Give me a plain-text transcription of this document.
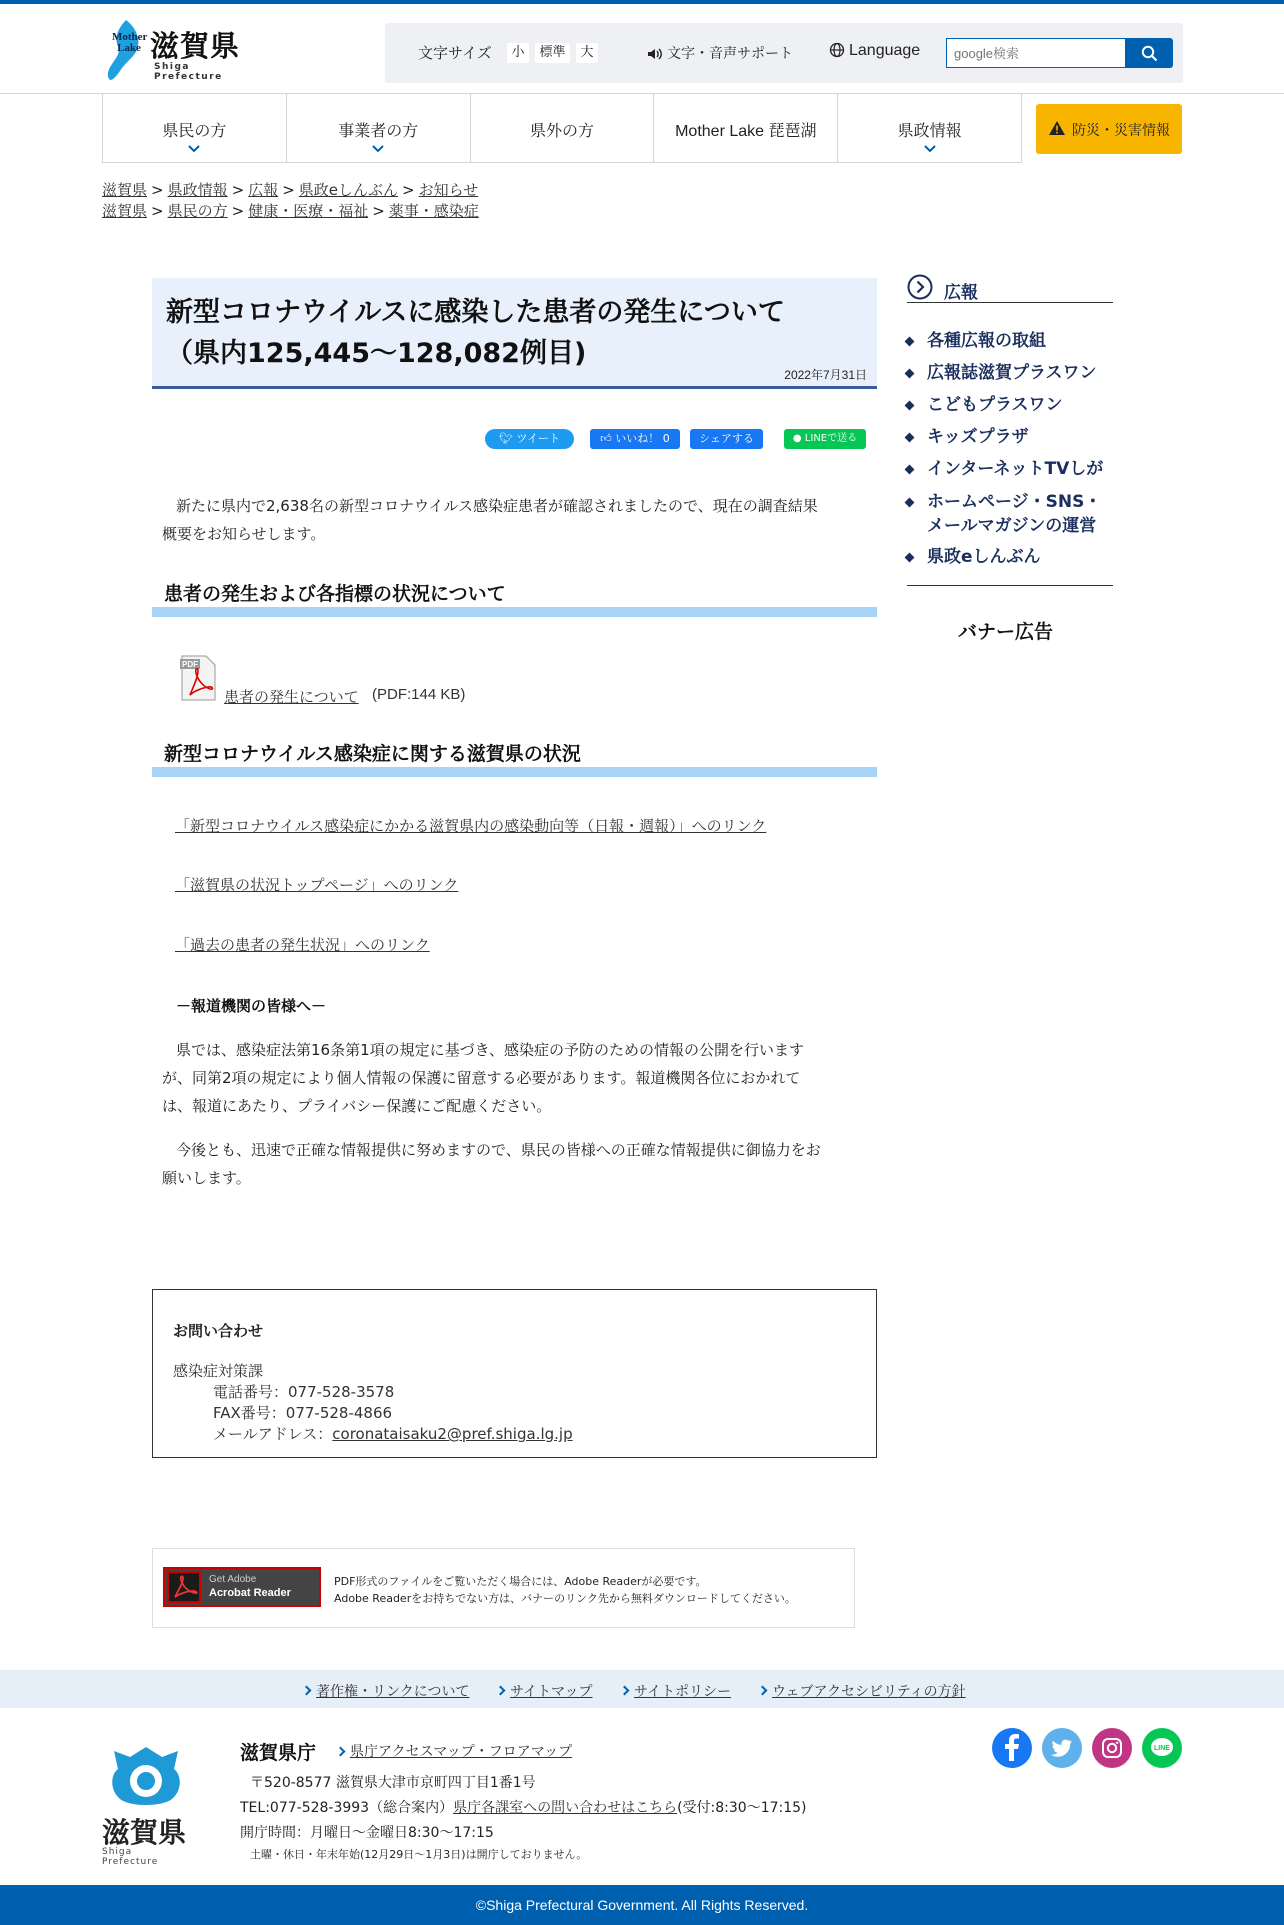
Mother Lake 滋賀県
Shiga Prefecture
文字サイズ	小	標準	大	文字・音声サポート	Language
google検索
県民の方	事業者の方	県外の方	Mother Lake 琵琶湖	県政情報	防災・災害情報
滋賀県 > 県政情報 > 広報 > 県政eしんぶん > お知らせ
滋賀県 > 県民の方 > 健康・医療・福祉 > 薬事・感染症
新型コロナウイルスに感染した患者の発生について
（県内125,445～128,082例目)
2022年7月31日
🐦︎ ツイート	👍︎ いいね！ 0	シェアする	● LINEで送る
新たに県内で2,638名の新型コロナウイルス感染症患者が確認されましたので、現在の調査結果
概要をお知らせします。
患者の発生および各指標の状況について
PDF
患者の発生について (PDF:144 KB)
新型コロナウイルス感染症に関する滋賀県の状況
「新型コロナウイルス感染症にかかる滋賀県内の感染動向等（日報・週報）」へのリンク
「滋賀県の状況トップページ」へのリンク
「過去の患者の発生状況」へのリンク
－報道機関の皆様へ－
県では、感染症法第16条第1項の規定に基づき、感染症の予防のための情報の公開を行います
が、同第2項の規定により個人情報の保護に留意する必要があります。報道機関各位におかれて
は、報道にあたり、プライバシー保護にご配慮ください。
今後とも、迅速で正確な情報提供に努めますので、県民の皆様への正確な情報提供に御協力をお
願いします。
お問い合わせ
感染症対策課
電話番号：077-528-3578
FAX番号：077-528-4866
メールアドレス：coronataisaku2@pref.shiga.lg.jp
Get Adobe
Acrobat Reader
PDF形式のファイルをご覧いただく場合には、Adobe Readerが必要です。
Adobe Readerをお持ちでない方は、バナーのリンク先から無料ダウンロードしてください。
広報
各種広報の取組
広報誌滋賀プラスワン
こどもプラスワン
キッズプラザ
インターネットTVしが
ホームページ・SNS・
メールマガジンの運営
県政eしんぶん
バナー広告
著作権・リンクについて	サイトマップ	サイトポリシー	ウェブアクセシビリティの方針
滋賀県
Shiga Prefecture
滋賀県庁	県庁アクセスマップ・フロアマップ
〒520-8577 滋賀県大津市京町四丁目1番1号
TEL:077-528-3993（総合案内）県庁各課室への問い合わせはこちら(受付:8:30～17:15)
開庁時間：月曜日～金曜日8:30～17:15
土曜・休日・年末年始(12月29日～1月3日)は開庁しておりません。
LINE
©Shiga Prefectural Government. All Rights Reserved.
